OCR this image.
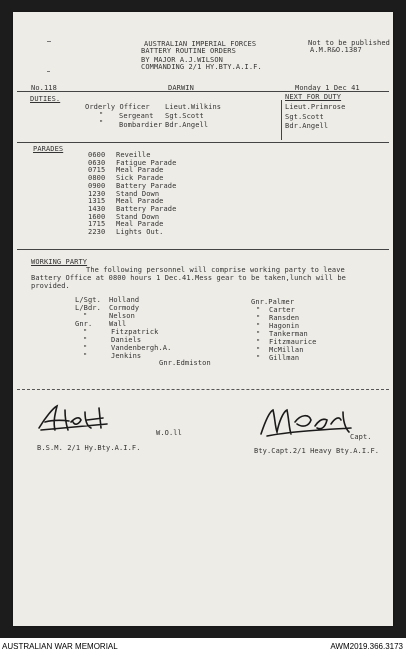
AUSTRALIAN IMPERIAL FORCES
BATTERY ROUTINE ORDERS
BY MAJOR A.J.WILSON
COMMANDING 2/1 HY.BTY.A.I.F.
Not to be published
A.M.R&O.1387
No.118	DARWIN	Monday 1 Dec 41
DUTIES.	NEXT FOR DUTY
Orderly Officer Lieut.Wilkins	Lieut.Primrose
" Sergeant Sgt.Scott	Sgt.Scott
" Bombardier Bdr.Angell	Bdr.Angell
PARADES
0600 Reveille
0630 Fatigue Parade
0715 Meal Parade
0800 Sick Parade
0900 Battery Parade
1230 Stand Down
1315 Meal Parade
1430 Battery Parade
1600 Stand Down
1715 Meal Parade
2230 Lights Out.
WORKING PARTY
The following personnel will comprise working party to leave
Battery Office at 0800 hours 1 Dec.41.Mess gear to be taken,lunch will be
provided.
L/Sgt. Holland
L/Bdr. Cormody
"	Nelson
Gnr. Wall
"	Fitzpatrick
"	Daniels
"	Vandenbergh.A.
"	Jenkins
Gnr.Palmer
" Carter
" Ransden
" Hagonin
" Tankerman
" Fitzmaurice
" McMillan
" Gillman
Gnr.Edmiston
W.O.ll
B.S.M. 2/1 Hy.Bty.A.I.F.
Capt.
Bty.Capt.2/1 Heavy Bty.A.I.F.
AUSTRALIAN WAR MEMORIAL	AWM2019.366.3173
